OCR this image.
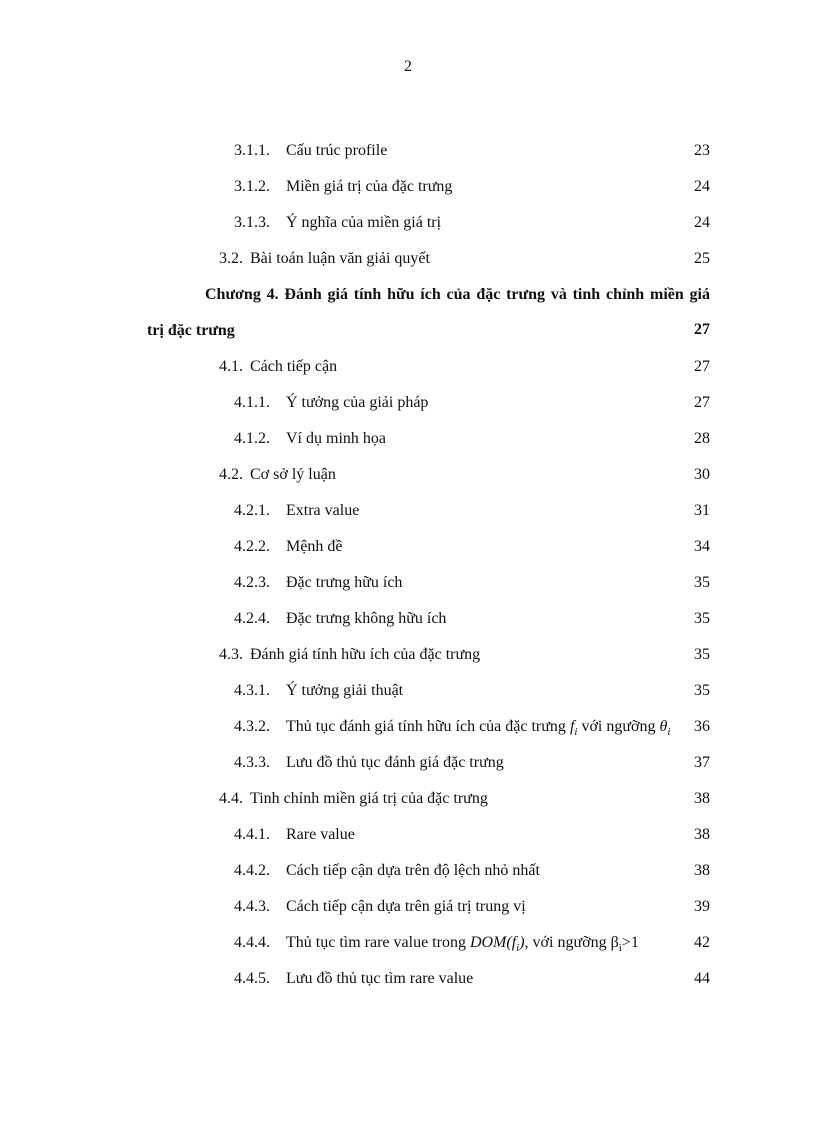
2
3.1.1. Cấu trúc profile	23
3.1.2. Miền giá trị của đặc trưng	24
3.1.3. Ý nghĩa của miền giá trị	24
3.2. Bài toán luận văn giải quyết	25
Chương 4. Đánh giá tính hữu ích của đặc trưng và tinh chỉnh miền giá
trị đặc trưng	27
4.1. Cách tiếp cận	27
4.1.1. Ý tưởng của giải pháp	27
4.1.2. Ví dụ minh họa	28
4.2. Cơ sở lý luận	30
4.2.1. Extra value	31
4.2.2. Mệnh đề	34
4.2.3. Đặc trưng hữu ích	35
4.2.4. Đặc trưng không hữu ích	35
4.3. Đánh giá tính hữu ích của đặc trưng	35
4.3.1. Ý tưởng giải thuật	35
4.3.2. Thủ tục đánh giá tính hữu ích của đặc trưng $f_i$ với ngưỡng $\theta_i$ 36
4.3.3. Lưu đồ thủ tục đánh giá đặc trưng	37
4.4. Tinh chỉnh miền giá trị của đặc trưng	38
4.4.1. Rare value	38
4.4.2. Cách tiếp cận dựa trên độ lệch nhỏ nhất	38
4.4.3. Cách tiếp cận dựa trên giá trị trung vị	39
4.4.4. Thủ tục tìm rare value trong $DOM(f_i)$, với ngưỡng $\beta_i>1$	42
4.4.5. Lưu đồ thủ tục tìm rare value	44
